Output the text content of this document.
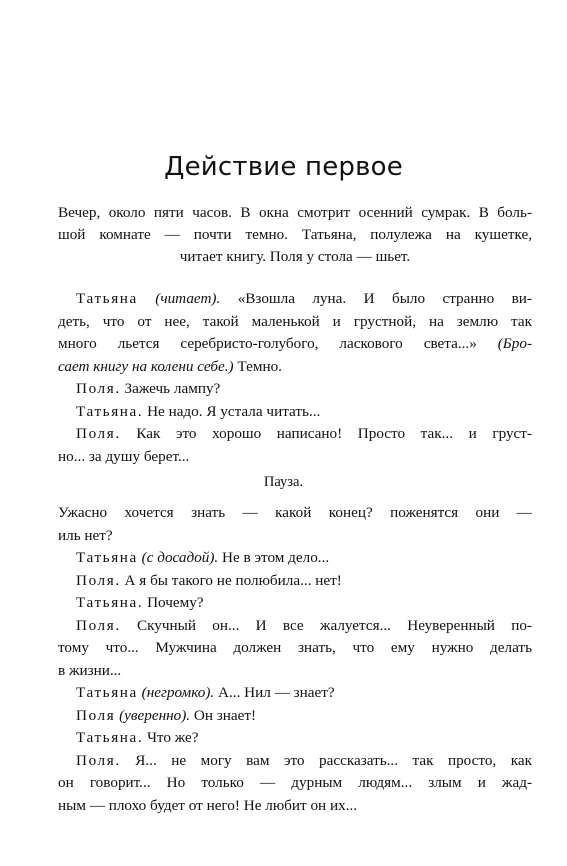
Действие первое
Вечер, около пяти часов. В окна смотрит осенний сумрак. В боль-
шой комнате — почти темно. Татьяна, полулежа на кушетке,
читает книгу. Поля у стола — шьет.
Татьяна (читает). «Взошла луна. И было странно ви-
деть, что от нее, такой маленькой и грустной, на землю так
много льется серебристо-голубого, ласкового света...» (Бро-
сает книгу на колени себе.) Темно.
Поля. Зажечь лампу?
Татьяна. Не надо. Я устала читать...
Поля. Как это хорошо написано! Просто так... и груст-
но... за душу берет...
Пауза.
Ужасно хочется знать — какой конец? поженятся они —
иль нет?
Татьяна (с досадой). Не в этом дело...
Поля. А я бы такого не полюбила... нет!
Татьяна. Почему?
Поля. Скучный он... И все жалуется... Неуверенный по-
тому что... Мужчина должен знать, что ему нужно делать
в жизни...
Татьяна (негромко). А... Нил — знает?
Поля (уверенно). Он знает!
Татьяна. Что же?
Поля. Я... не могу вам это рассказать... так просто, как
он говорит... Но только — дурным людям... злым и жад-
ным — плохо будет от него! Не любит он их...
